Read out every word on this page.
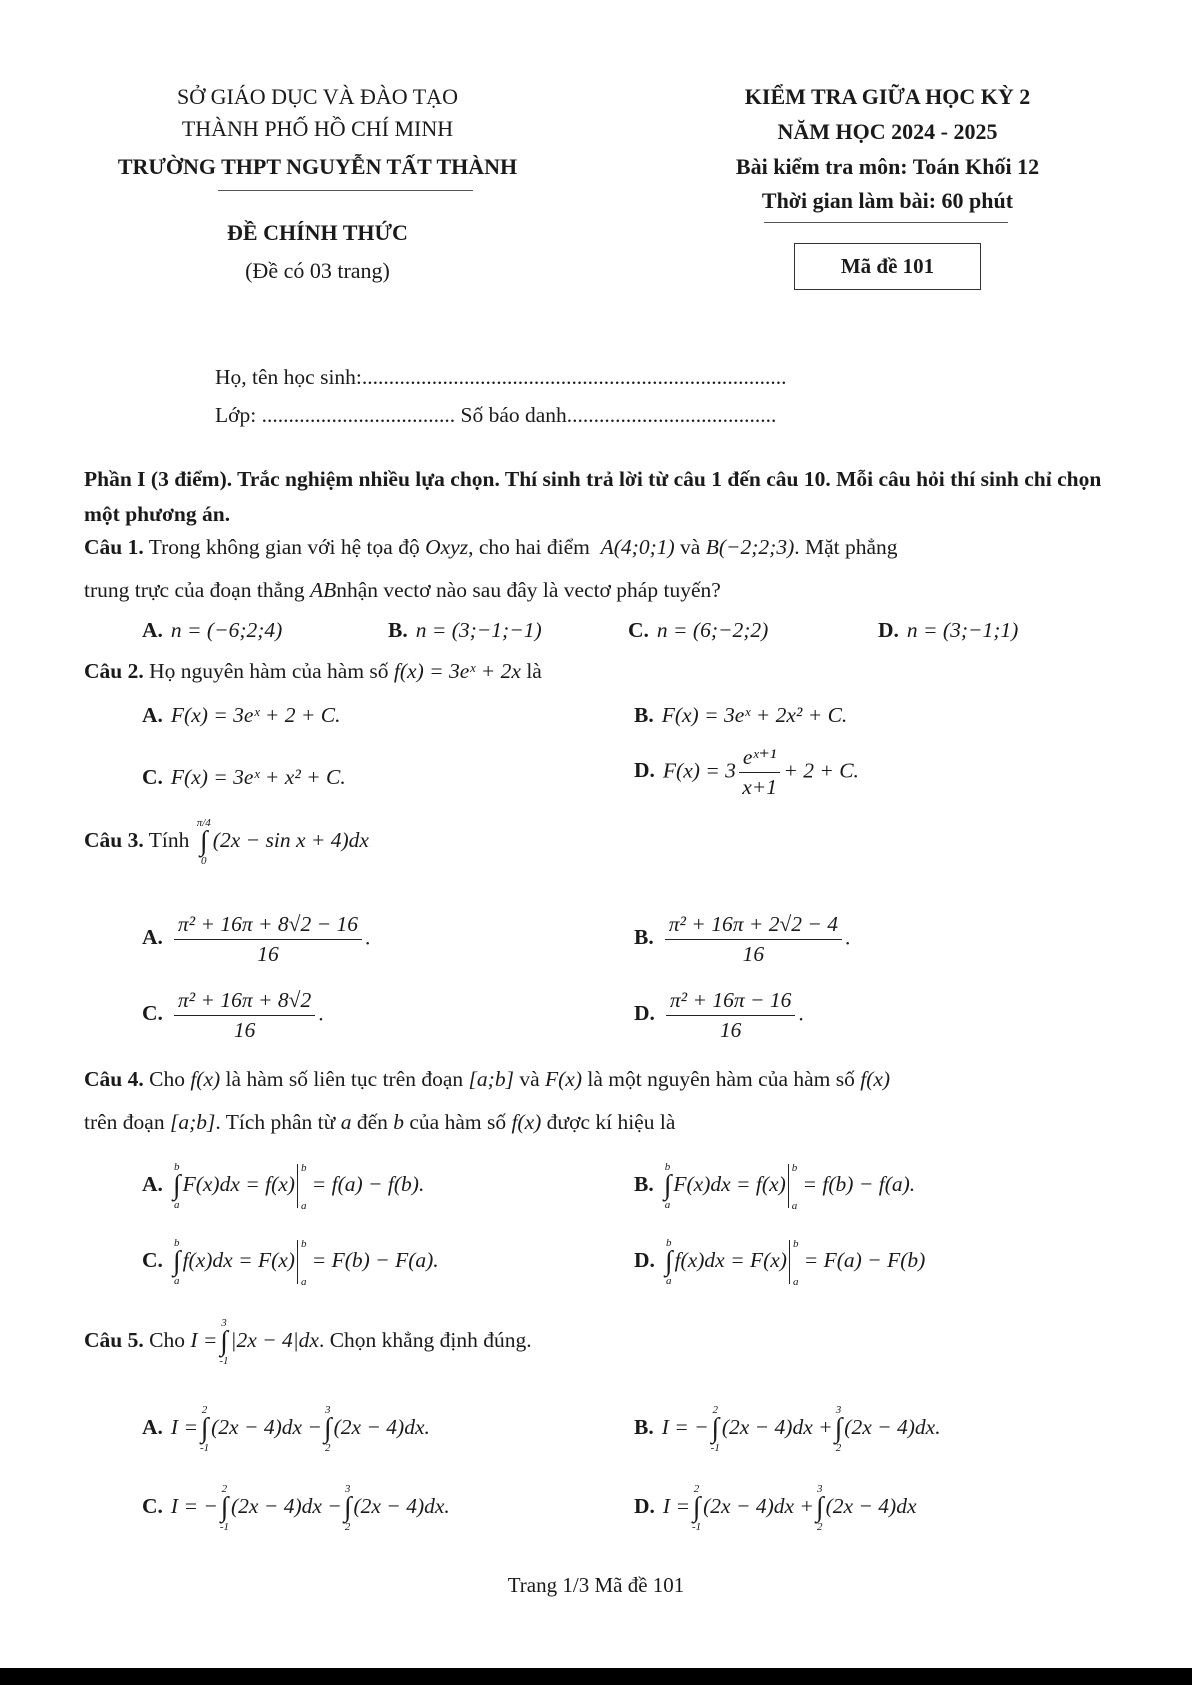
SỞ GIÁO DỤC VÀ ĐÀO TẠO
THÀNH PHỐ HỒ CHÍ MINH
TRƯỜNG THPT NGUYỄN TẤT THÀNH
ĐỀ CHÍNH THỨC
(Đề có 03 trang)
KIỂM TRA GIỮA HỌC KỲ 2
NĂM HỌC 2024 - 2025
Bài kiểm tra môn: Toán Khối 12
Thời gian làm bài: 60 phút
Mã đề 101
Họ, tên học sinh:...............................................................................
Lớp: .................................... Số báo danh.......................................
Phần I (3 điểm). Trắc nghiệm nhiều lựa chọn. Thí sinh trả lời từ câu 1 đến câu 10. Mỗi câu hỏi thí sinh chỉ chọn một phương án.
Câu 1. Trong không gian với hệ tọa độ Oxyz, cho hai điểm A(4;0;1) và B(−2;2;3). Mặt phẳng
trung trực của đoạn thẳng ABnhận vectơ nào sau đây là vectơ pháp tuyến?
A. n = (−6;2;4)	B. n = (3;−1;−1)	C. n = (6;−2;2)	D. n = (3;−1;1)
Câu 2. Họ nguyên hàm của hàm số f(x) = 3eˣ + 2x là
A. F(x) = 3eˣ + 2 + C.	B. F(x) = 3eˣ + 2x² + C.
C. F(x) = 3eˣ + x² + C.	D. $F(x) = 3 \frac{\text{eˣ⁺¹}}{x+1} + 2 + C$.
Câu 3. Tính
π/4
∫
0
(2x − sin x + 4)dx
A. $\frac{\text{π² + 16π + 8√2 − 16}}{16}$ .	B. $\frac{\text{π² + 16π + 2√2 − 4}}{16}$ .
C. $\frac{\text{π² + 16π + 8√2}}{16}$ .	D. $\frac{\text{π² + 16π − 16}}{16}$ .
Câu 4. Cho f(x) là hàm số liên tục trên đoạn [a;b] và F(x) là một nguyên hàm của hàm số f(x)
trên đoạn [a;b]. Tích phân từ a đến b của hàm số f(x) được kí hiệu là
A.
b
∫
a
F(x)dx = f(x)
b
a
= f(a) − f(b).	B.
b
∫
a
F(x)dx = f(x)
b
a
= f(b) − f(a).
C.
b
∫
a
f(x)dx = F(x)
b
a
= F(b) − F(a).	D.
b
∫
a
f(x)dx = F(x)
b
a
= F(a) − F(b)
Câu 5. Cho I =
3
∫
-1
|2x − 4|dx. Chọn khẳng định đúng.
A. I =
2
∫
-1
(2x − 4)dx −
3
∫
2
(2x − 4)dx.	B. I = −
2
∫
-1
(2x − 4)dx +
3
∫
2
(2x − 4)dx.
C. I = −
2
∫
-1
(2x − 4)dx −
3
∫
2
(2x − 4)dx.	D. I =
2
∫
-1
(2x − 4)dx +
3
∫
2
(2x − 4)dx
Trang 1/3 Mã đề 101
